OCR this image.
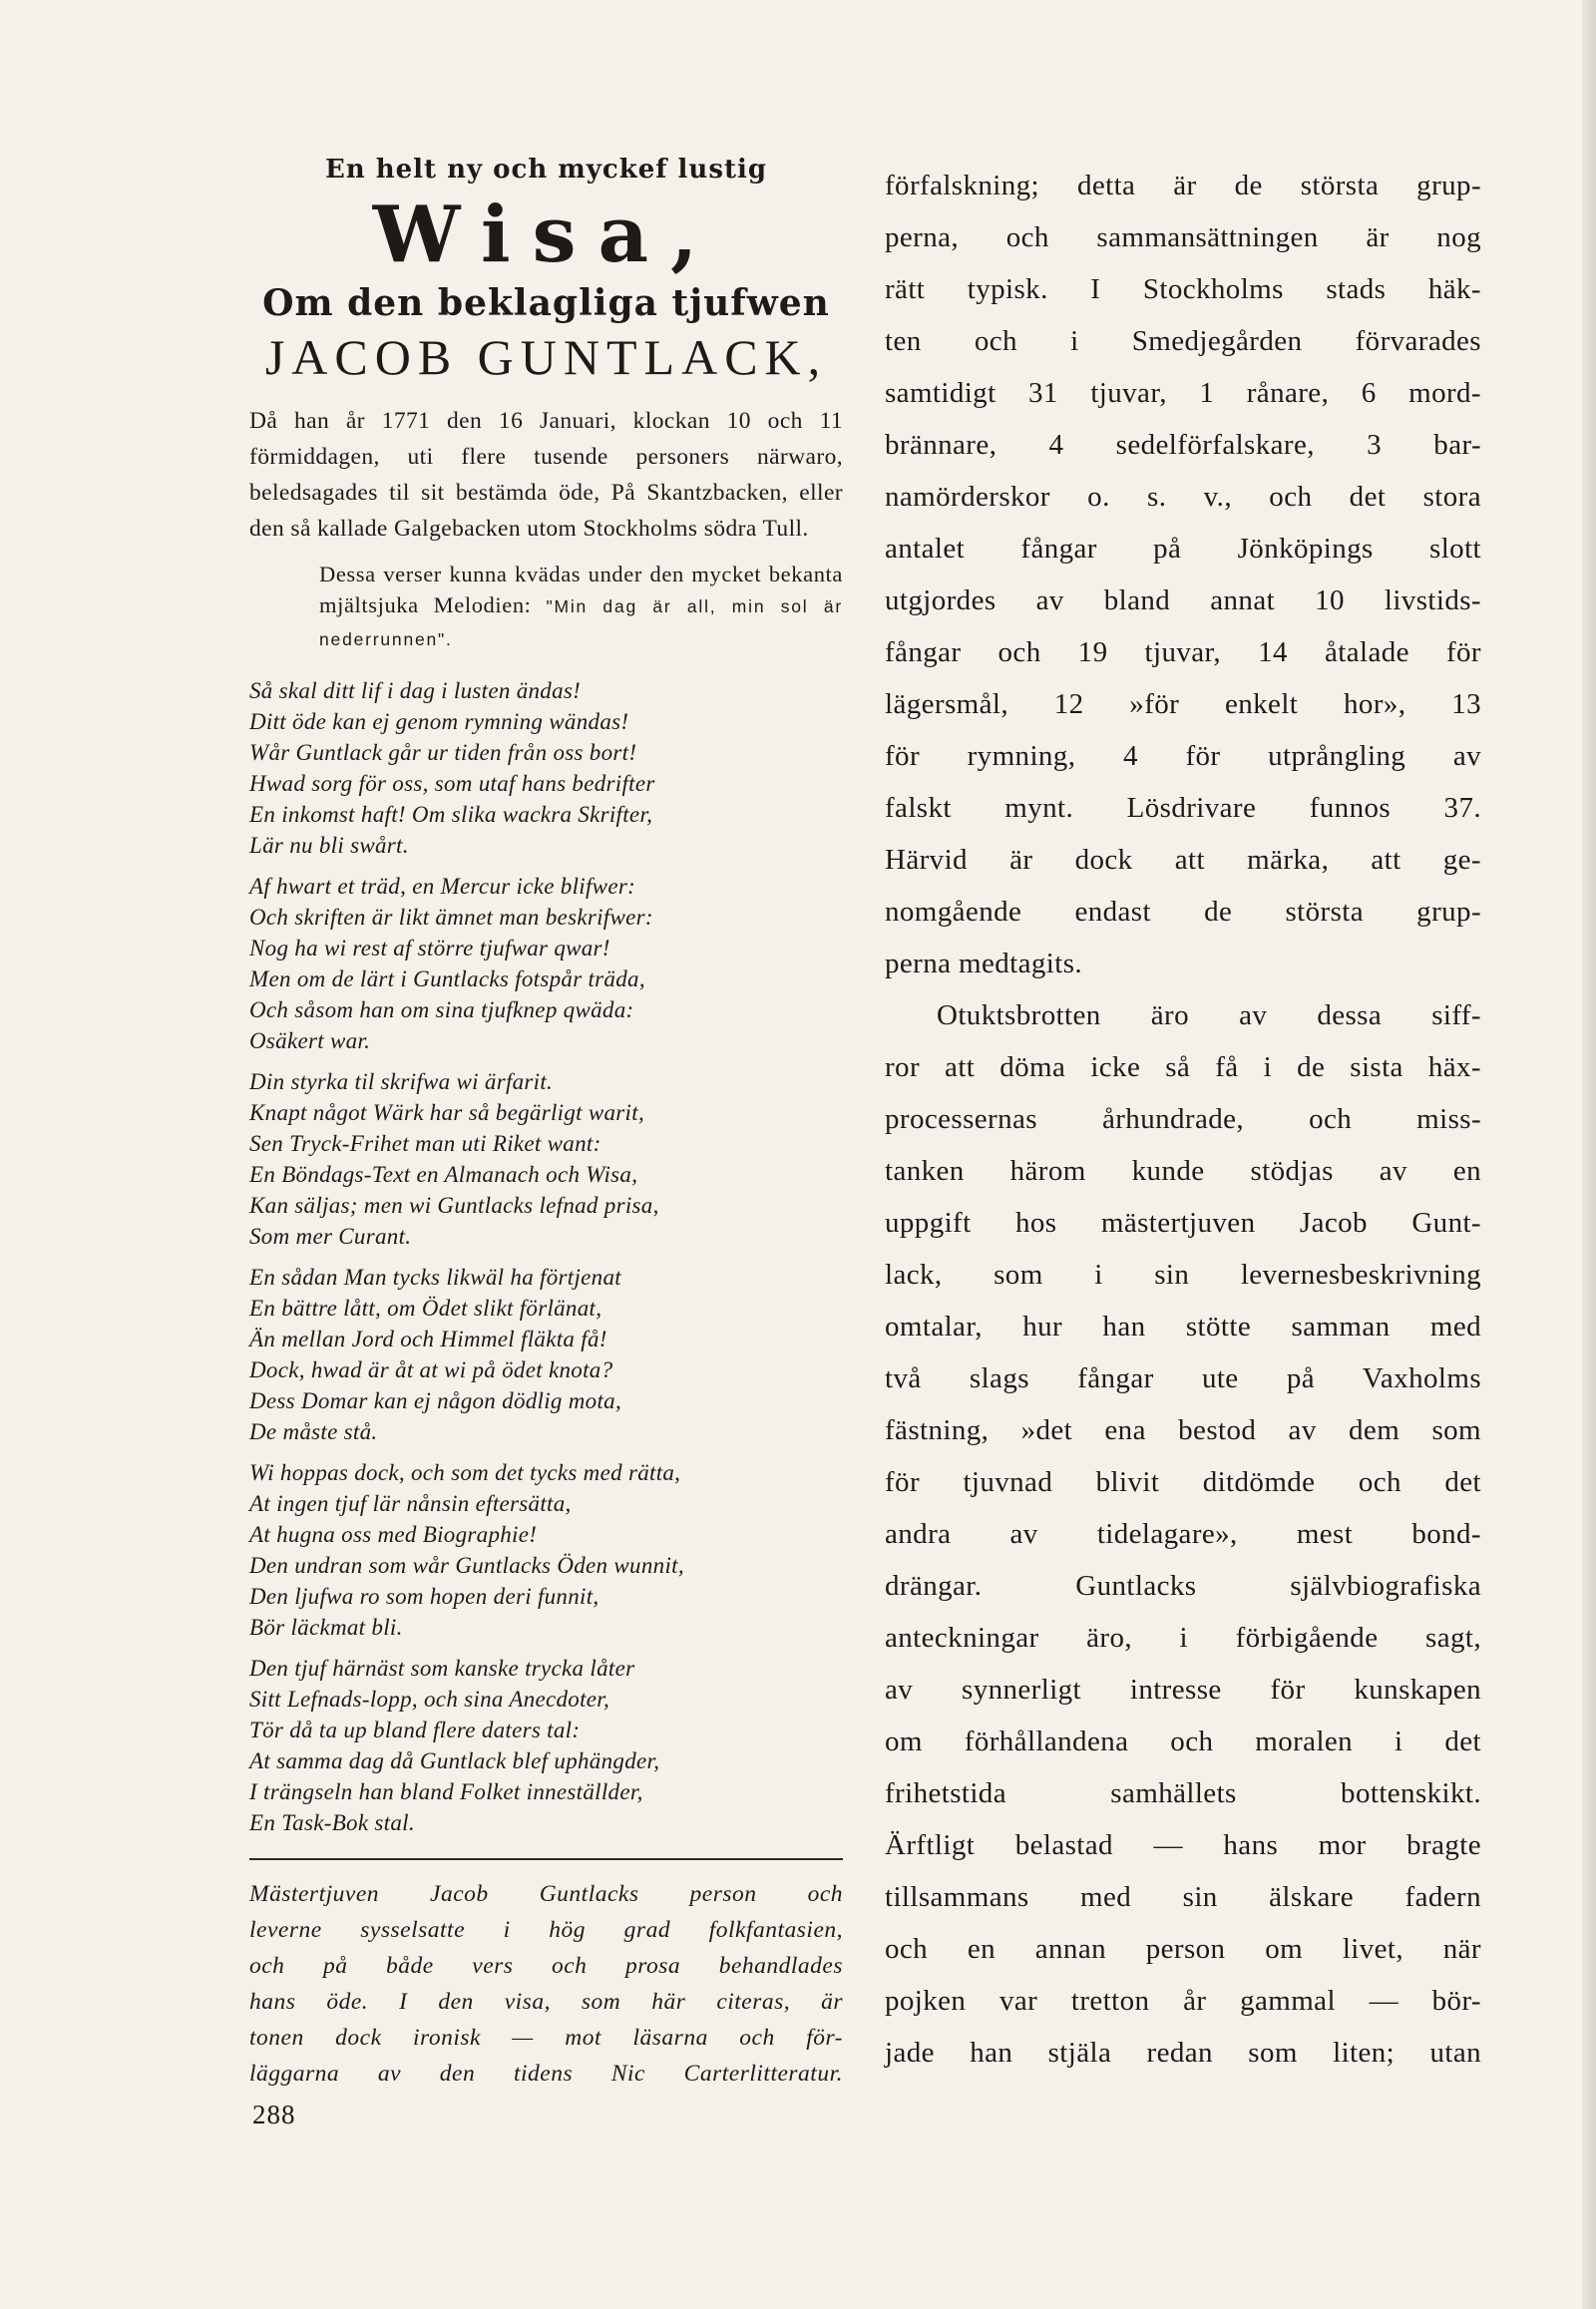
En helt ny och myckef lustig
Wisa,
Om den beklagliga tjufwen
JACOB GUNTLACK,
Då han år 1771 den 16 Januari, klockan 10 och 11 förmiddagen, uti flere tusende personers närwaro, beledsagades til sit bestämda öde, På Skantzbacken, eller den så kallade Galgebacken utom Stockholms södra Tull.
Dessa verser kunna kvädas under den mycket bekanta mjältsjuka Melodien: "Min dag är all, min sol är nederrunnen".
Så skal ditt lif i dag i lusten ändas!
Ditt öde kan ej genom rymning wändas!
Wår Guntlack går ur tiden från oss bort!
Hwad sorg för oss, som utaf hans bedrifter
En inkomst haft! Om slika wackra Skrifter,
Lär nu bli swårt.
Af hwart et träd, en Mercur icke blifwer:
Och skriften är likt ämnet man beskrifwer:
Nog ha wi rest af större tjufwar qwar!
Men om de lärt i Guntlacks fotspår träda,
Och såsom han om sina tjufknep qwäda:
Osäkert war.
Din styrka til skrifwa wi ärfarit.
Knapt något Wärk har så begärligt warit,
Sen Tryck-Frihet man uti Riket want:
En Böndags-Text en Almanach och Wisa,
Kan säljas; men wi Guntlacks lefnad prisa,
Som mer Curant.
En sådan Man tycks likwäl ha förtjenat
En bättre lått, om Ödet slikt förlänat,
Än mellan Jord och Himmel fläkta få!
Dock, hwad är åt at wi på ödet knota?
Dess Domar kan ej någon dödlig mota,
De måste stå.
Wi hoppas dock, och som det tycks med rätta,
At ingen tjuf lär nånsin eftersätta,
At hugna oss med Biographie!
Den undran som wår Guntlacks Öden wunnit,
Den ljufwa ro som hopen deri funnit,
Bör läckmat bli.
Den tjuf härnäst som kanske trycka låter
Sitt Lefnads-lopp, och sina Anecdoter,
Tör då ta up bland flere daters tal:
At samma dag då Guntlack blef uphängder,
I trängseln han bland Folket inneställder,
En Task-Bok stal.
Mästertjuven Jacob Guntlacks person och
leverne sysselsatte i hög grad folkfantasien,
och på både vers och prosa behandlades
hans öde. I den visa, som här citeras, är
tonen dock ironisk — mot läsarna och för-
läggarna av den tidens Nic Carterlitteratur.
288
förfalskning; detta är de största grup-
perna, och sammansättningen är nog
rätt typisk. I Stockholms stads häk-
ten och i Smedjegården förvarades
samtidigt 31 tjuvar, 1 rånare, 6 mord-
brännare, 4 sedelförfalskare, 3 bar-
namörderskor o. s. v., och det stora
antalet fångar på Jönköpings slott
utgjordes av bland annat 10 livstids-
fångar och 19 tjuvar, 14 åtalade för
lägersmål, 12 »för enkelt hor», 13
för rymning, 4 för utprångling av
falskt mynt. Lösdrivare funnos 37.
Härvid är dock att märka, att ge-
nomgående endast de största grup-
perna medtagits.
Otuktsbrotten äro av dessa siff-
ror att döma icke så få i de sista häx-
processernas århundrade, och miss-
tanken härom kunde stödjas av en
uppgift hos mästertjuven Jacob Gunt-
lack, som i sin levernesbeskrivning
omtalar, hur han stötte samman med
två slags fångar ute på Vaxholms
fästning, »det ena bestod av dem som
för tjuvnad blivit ditdömde och det
andra av tidelagare», mest bond-
drängar. Guntlacks självbiografiska
anteckningar äro, i förbigående sagt,
av synnerligt intresse för kunskapen
om förhållandena och moralen i det
frihetstida samhällets bottenskikt.
Ärftligt belastad — hans mor bragte
tillsammans med sin älskare fadern
och en annan person om livet, när
pojken var tretton år gammal — bör-
jade han stjäla redan som liten; utan
